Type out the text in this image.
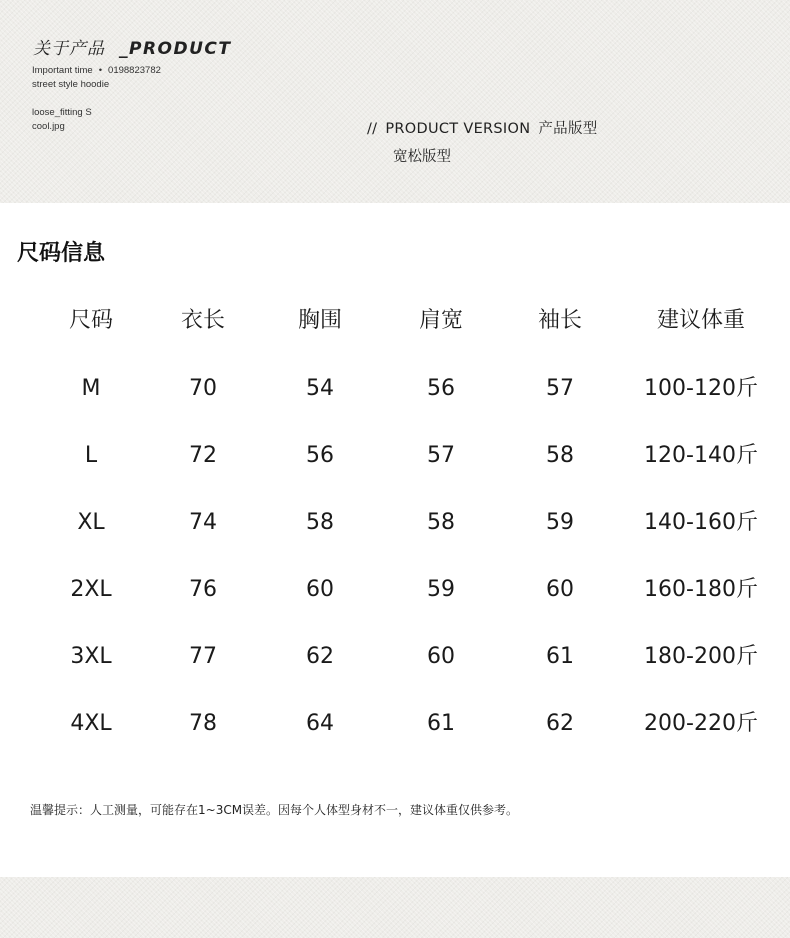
关于产品 _PRODUCT
Important time • 0198823782
street style hoodie
loose_fitting S
cool.jpg	// PRODUCT VERSION 产品版型
宽松版型
尺码信息
尺码	衣长	胸围	肩宽	袖长	建议体重
M	70	54	56	57	100-120斤
L	72	56	57	58	120-140斤
XL	74	58	58	59	140-160斤
2XL	76	60	59	60	160-180斤
3XL	77	62	60	61	180-200斤
4XL	78	64	61	62	200-220斤
温馨提示：人工测量，可能存在1~3CM误差。因每个人体型身材不一，建议体重仅供参考。
